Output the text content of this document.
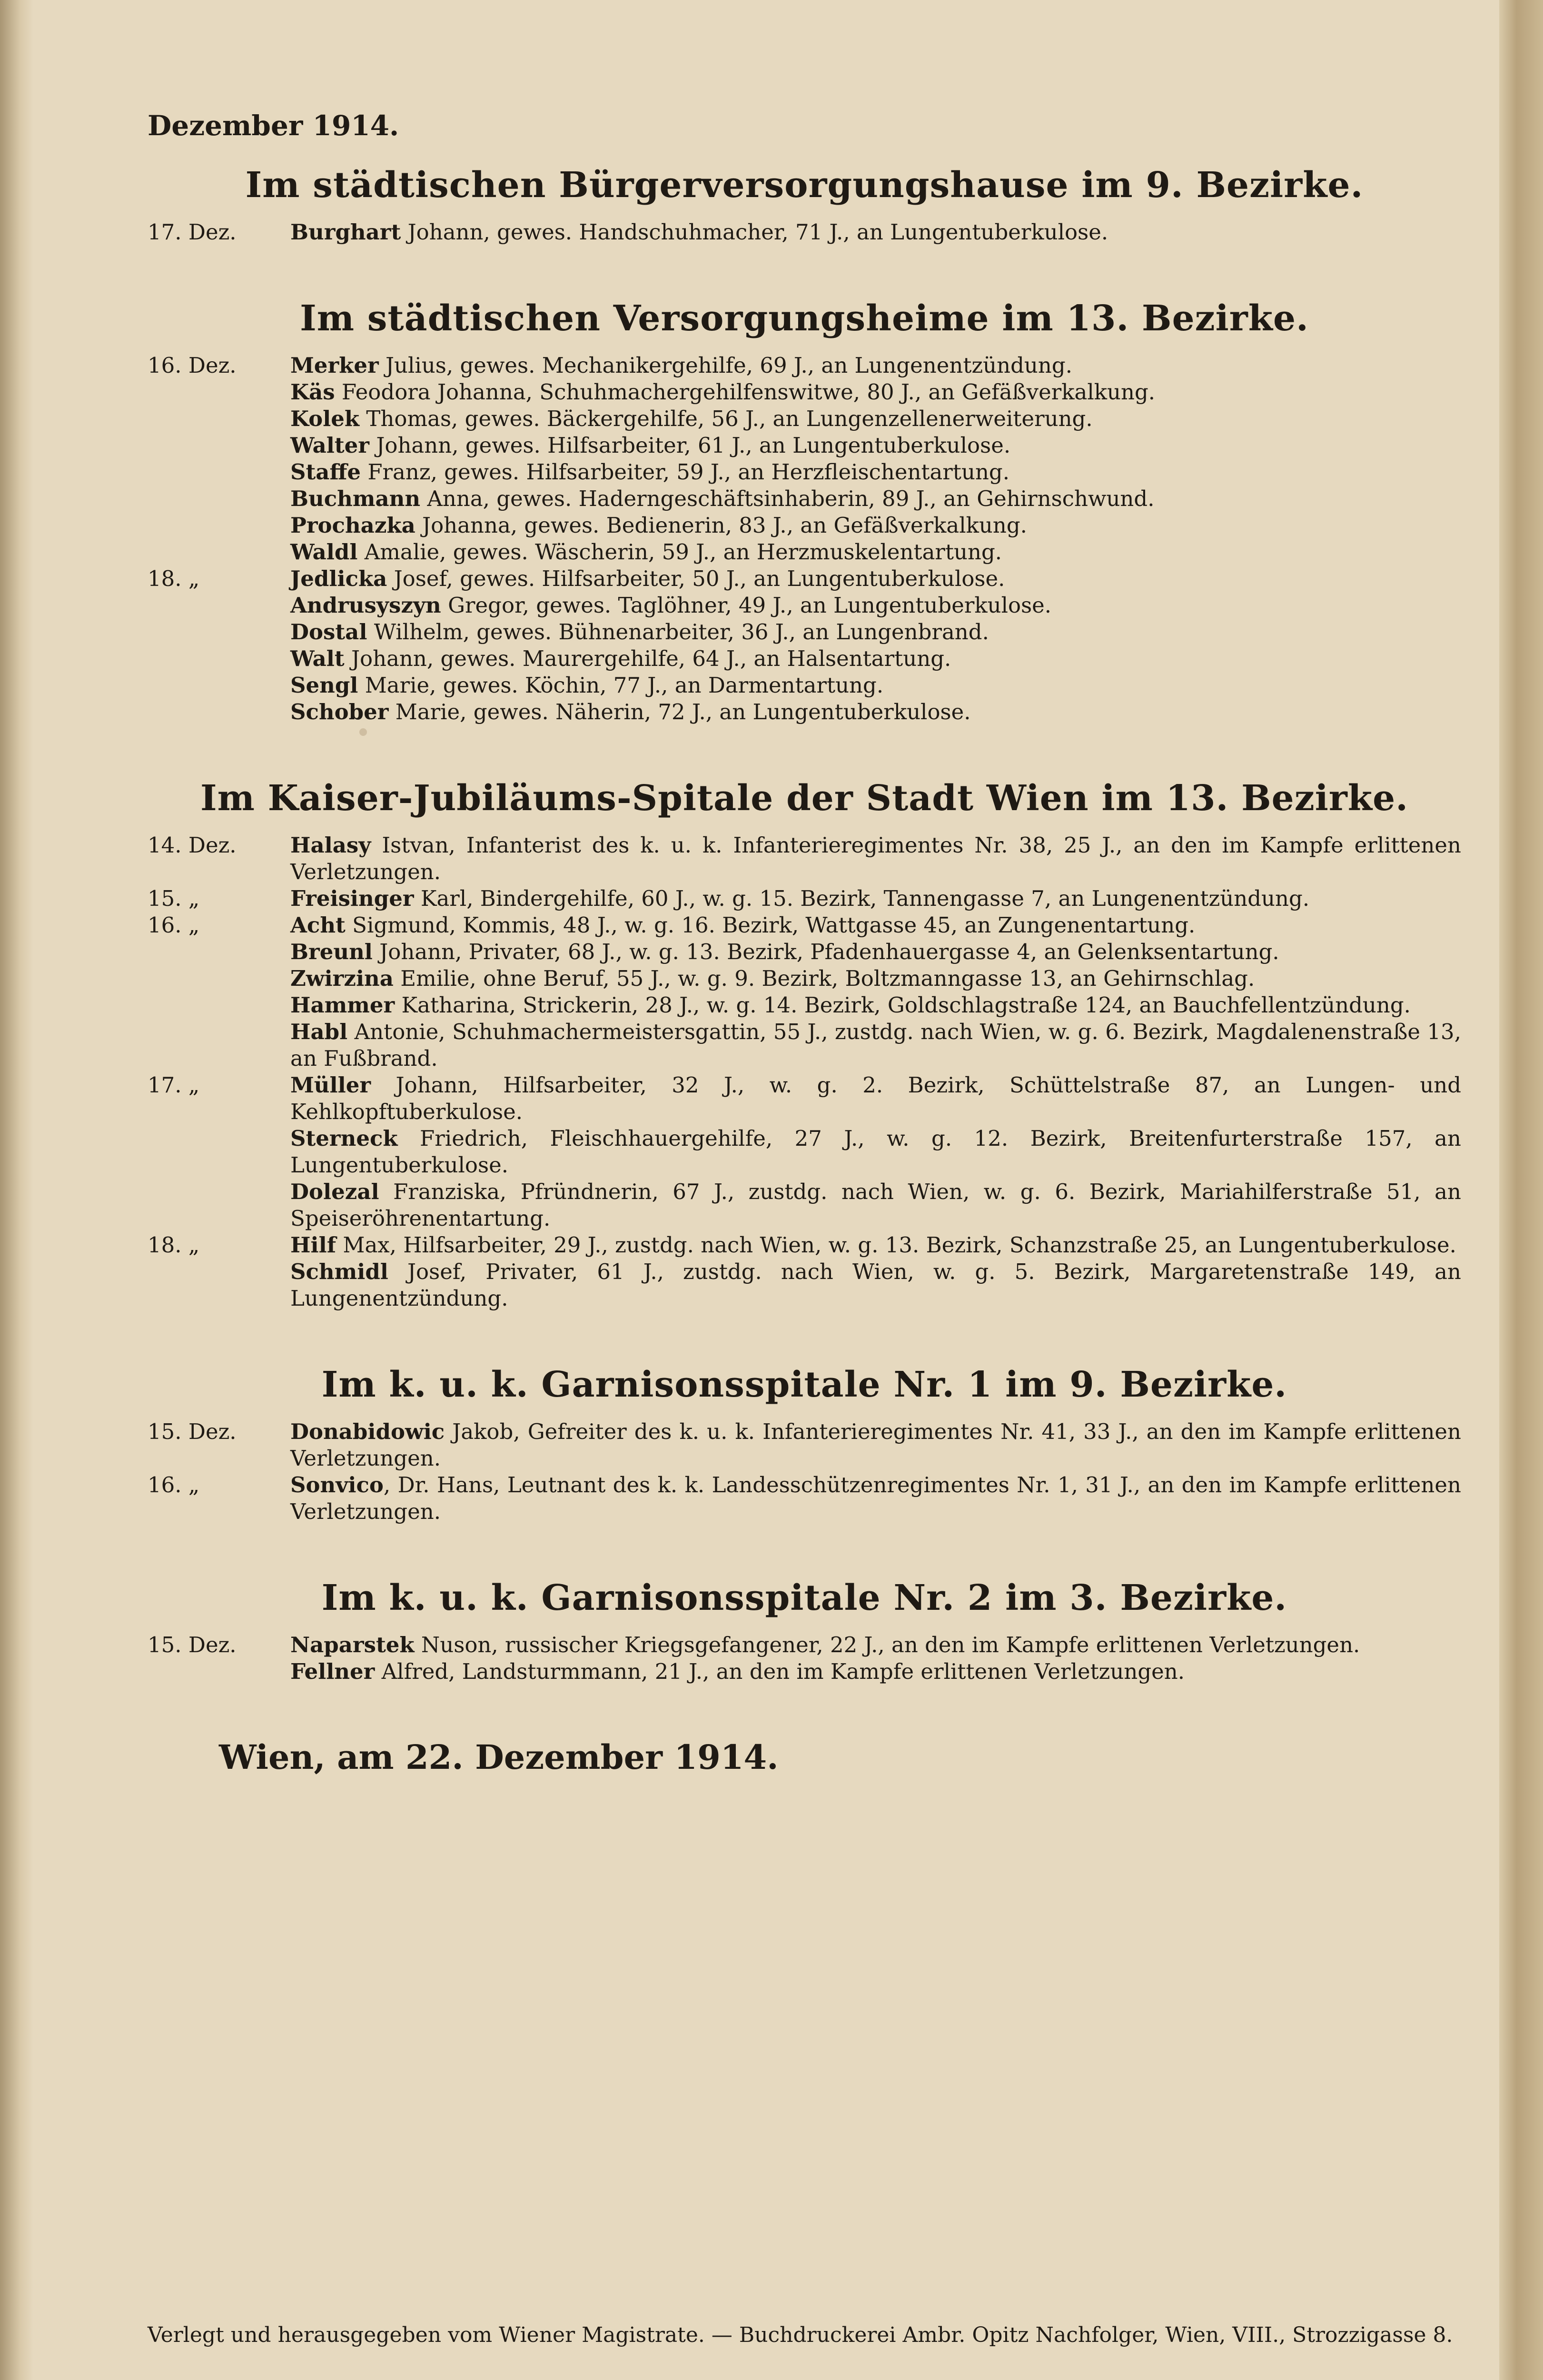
Dezember 1914.
Im städtischen Bürgerversorgungshause im 9. Bezirke.
17. Dez.	Burghart Johann, gewes. Handschuhmacher, 71 J., an Lungentuberkulose.
Im städtischen Versorgungsheime im 13. Bezirke.
16. Dez.	Merker Julius, gewes. Mechanikergehilfe, 69 J., an Lungenentzündung.
Käs Feodora Johanna, Schuhmachergehilfenswitwe, 80 J., an Gefäßverkalkung.
Kolek Thomas, gewes. Bäckergehilfe, 56 J., an Lungenzellenerweiterung.
Walter Johann, gewes. Hilfsarbeiter, 61 J., an Lungentuberkulose.
Staffe Franz, gewes. Hilfsarbeiter, 59 J., an Herzfleischentartung.
Buchmann Anna, gewes. Haderngeschäftsinhaberin, 89 J., an Gehirnschwund.
Prochazka Johanna, gewes. Bedienerin, 83 J., an Gefäßverkalkung.
Waldl Amalie, gewes. Wäscherin, 59 J., an Herzmuskelentartung.
18. „	Jedlicka Josef, gewes. Hilfsarbeiter, 50 J., an Lungentuberkulose.
Andrusyszyn Gregor, gewes. Taglöhner, 49 J., an Lungentuberkulose.
Dostal Wilhelm, gewes. Bühnenarbeiter, 36 J., an Lungenbrand.
Walt Johann, gewes. Maurergehilfe, 64 J., an Halsentartung.
Sengl Marie, gewes. Köchin, 77 J., an Darmentartung.
Schober Marie, gewes. Näherin, 72 J., an Lungentuberkulose.
Im Kaiser-Jubiläums-Spitale der Stadt Wien im 13. Bezirke.
14. Dez.	Halasy Istvan, Infanterist des k. u. k. Infanterieregimentes Nr. 38, 25 J., an den im Kampfe erlittenen Verletzungen.
15. „	Freisinger Karl, Bindergehilfe, 60 J., w. g. 15. Bezirk, Tannengasse 7, an Lungenentzündung.
16. „	Acht Sigmund, Kommis, 48 J., w. g. 16. Bezirk, Wattgasse 45, an Zungenentartung.
Breunl Johann, Privater, 68 J., w. g. 13. Bezirk, Pfadenhauergasse 4, an Gelenksentartung.
Zwirzina Emilie, ohne Beruf, 55 J., w. g. 9. Bezirk, Boltzmanngasse 13, an Gehirnschlag.
Hammer Katharina, Strickerin, 28 J., w. g. 14. Bezirk, Goldschlagstraße 124, an Bauchfellentzündung.
Habl Antonie, Schuhmachermeistersgattin, 55 J., zustdg. nach Wien, w. g. 6. Bezirk, Magdalenenstraße 13, an Fußbrand.
17. „	Müller Johann, Hilfsarbeiter, 32 J., w. g. 2. Bezirk, Schüttelstraße 87, an Lungen- und Kehlkopftuberkulose.
Sterneck Friedrich, Fleischhauergehilfe, 27 J., w. g. 12. Bezirk, Breitenfurterstraße 157, an Lungentuberkulose.
Dolezal Franziska, Pfründnerin, 67 J., zustdg. nach Wien, w. g. 6. Bezirk, Mariahilferstraße 51, an Speiseröhrenentartung.
18. „	Hilf Max, Hilfsarbeiter, 29 J., zustdg. nach Wien, w. g. 13. Bezirk, Schanzstraße 25, an Lungentuberkulose.
Schmidl Josef, Privater, 61 J., zustdg. nach Wien, w. g. 5. Bezirk, Margaretenstraße 149, an Lungenentzündung.
Im k. u. k. Garnisonsspitale Nr. 1 im 9. Bezirke.
15. Dez.	Donabidowic Jakob, Gefreiter des k. u. k. Infanterieregimentes Nr. 41, 33 J., an den im Kampfe erlittenen Verletzungen.
16. „	Sonvico, Dr. Hans, Leutnant des k. k. Landesschützenregimentes Nr. 1, 31 J., an den im Kampfe erlittenen Verletzungen.
Im k. u. k. Garnisonsspitale Nr. 2 im 3. Bezirke.
15. Dez.	Naparstek Nuson, russischer Kriegsgefangener, 22 J., an den im Kampfe erlittenen Verletzungen.
Fellner Alfred, Landsturmmann, 21 J., an den im Kampfe erlittenen Verletzungen.
Wien, am 22. Dezember 1914.
Verlegt und herausgegeben vom Wiener Magistrate. — Buchdruckerei Ambr. Opitz Nachfolger, Wien, VIII., Strozzigasse 8.
